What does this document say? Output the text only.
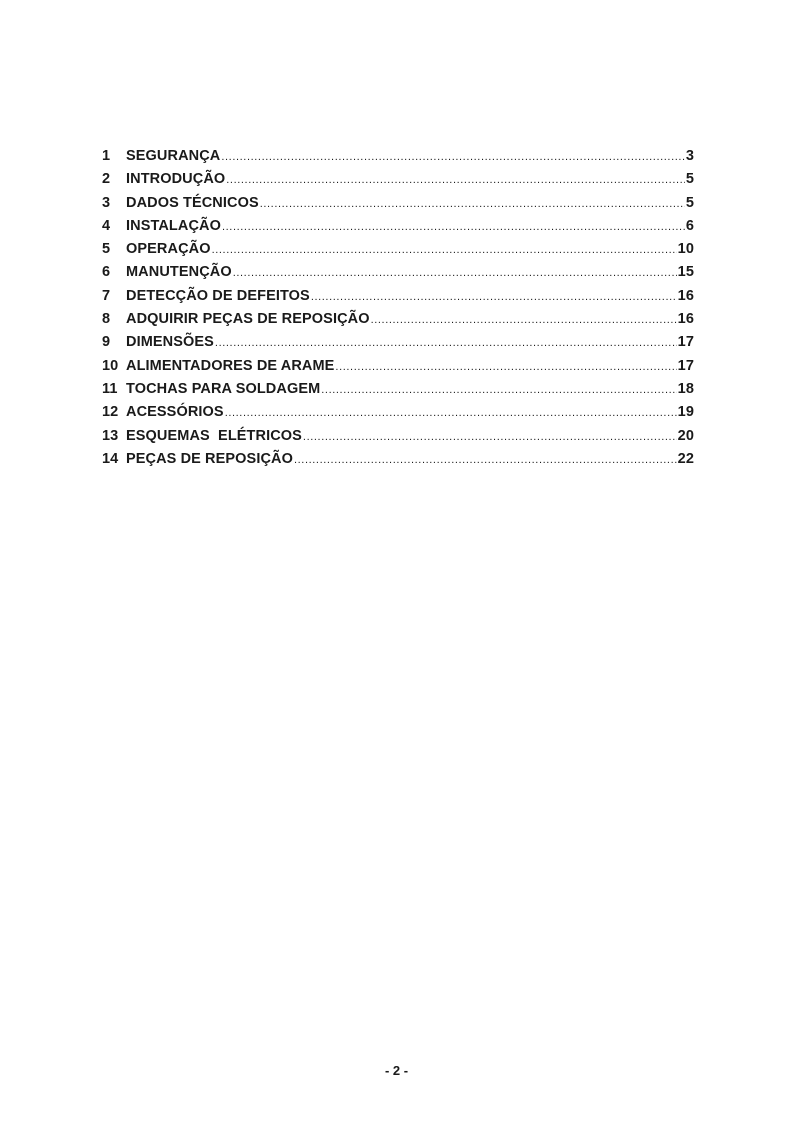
1	SEGURANÇA .....	3
2	INTRODUÇÃO .....	5
3	DADOS TÉCNICOS .....	5
4	INSTALAÇÃO .....	6
5	OPERAÇÃO .....	10
6	MANUTENÇÃO .....	15
7	DETECÇÃO DE DEFEITOS .....	16
8	ADQUIRIR PEÇAS DE REPOSIÇÃO .....	16
9	DIMENSÕES .....	17
10 ALIMENTADORES DE ARAME .....	17
11 TOCHAS PARA SOLDAGEM .....	18
12 ACESSÓRIOS .....	19
13 ESQUEMAS  ELÉTRICOS .....	20
14 PEÇAS DE REPOSIÇÃO .....	22
- 2 -
